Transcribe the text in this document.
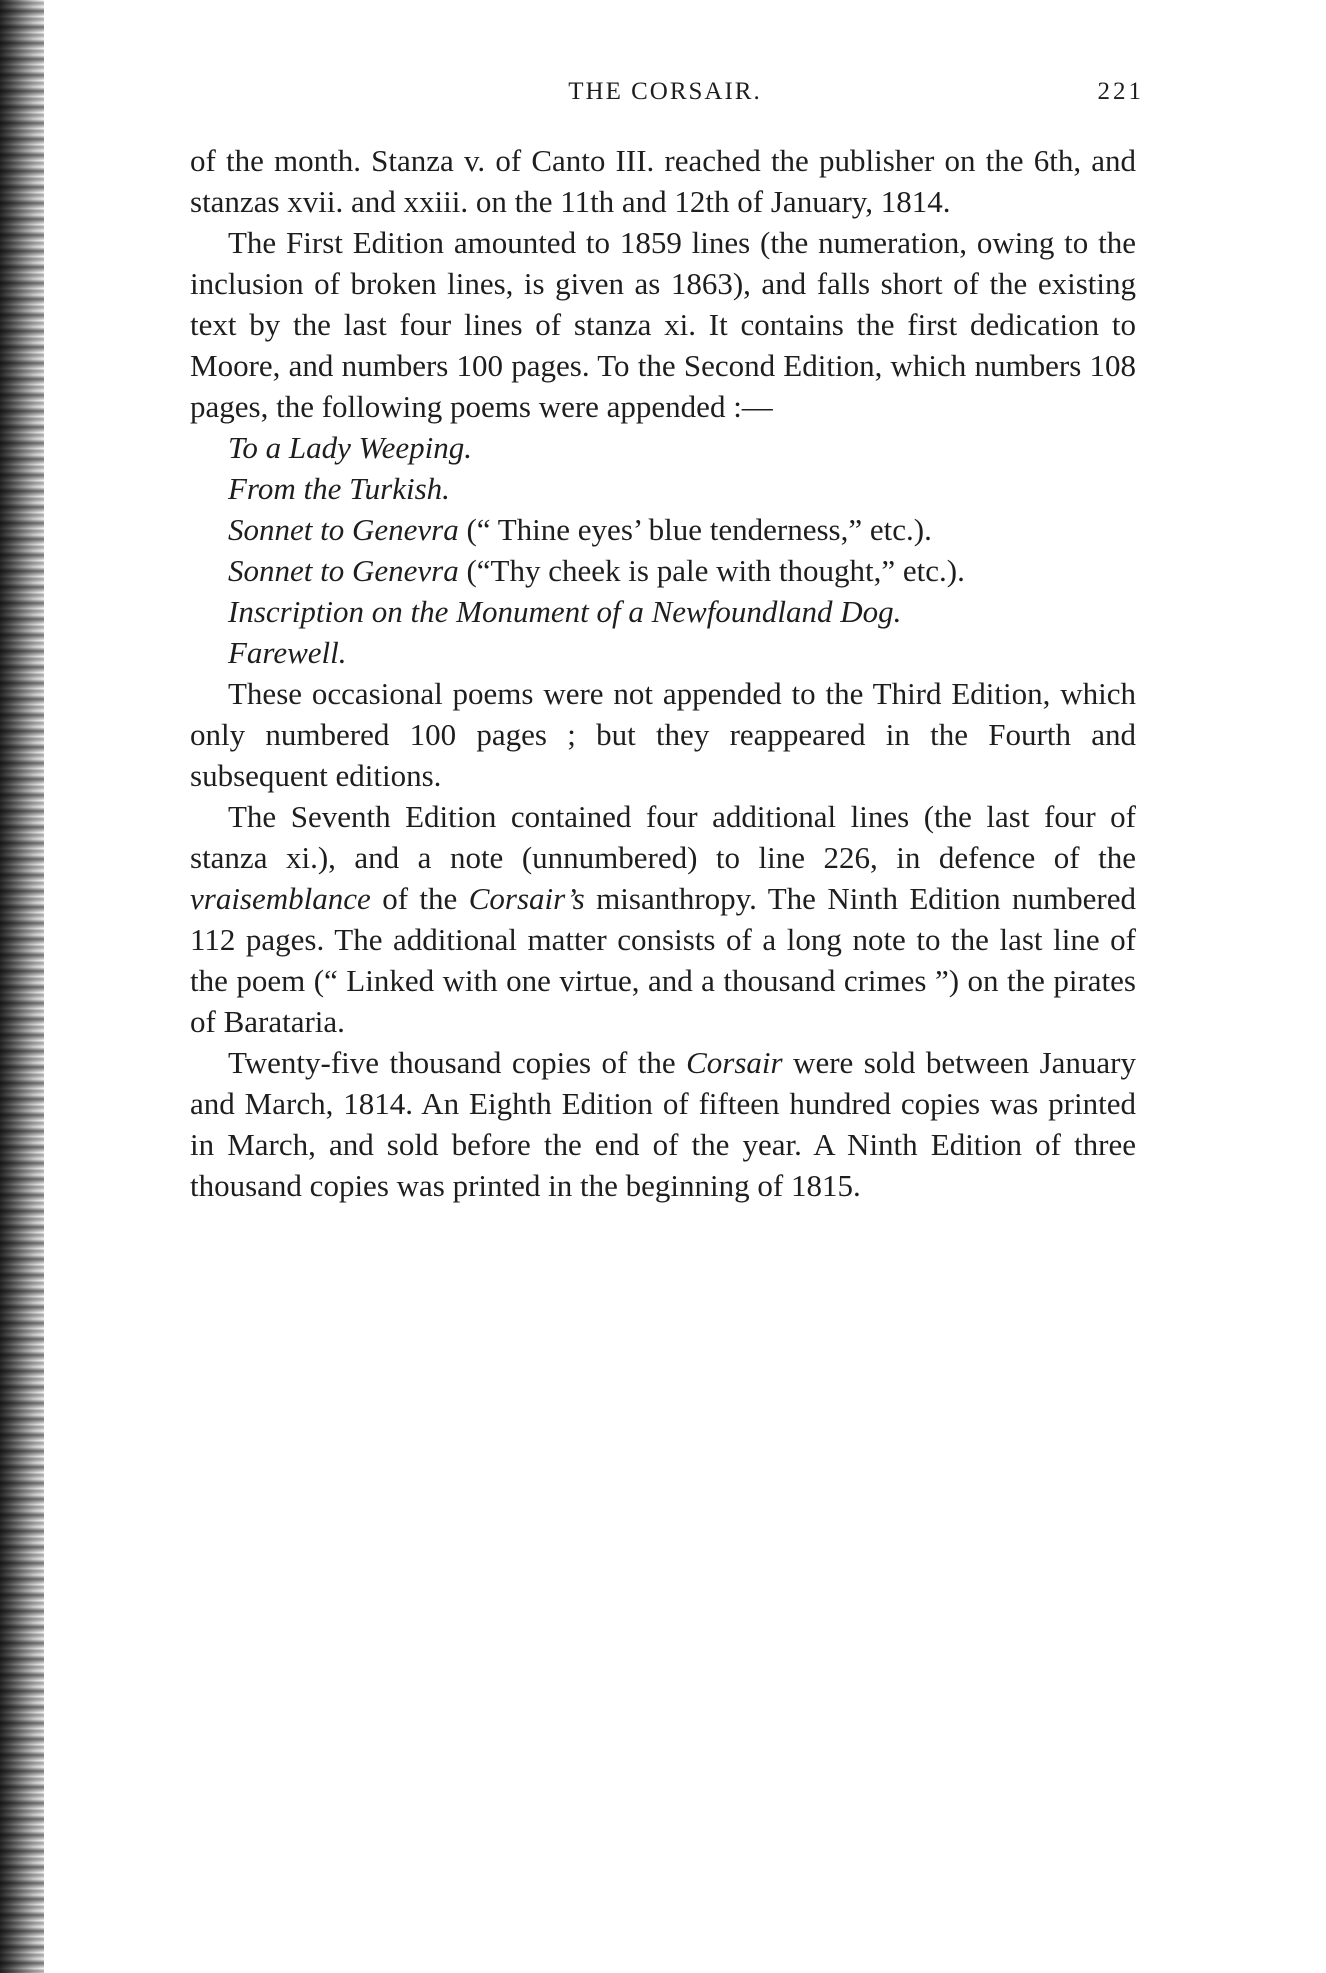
THE CORSAIR.	221

of the month. Stanza v. of Canto III. reached the publisher on the 6th, and stanzas xvii. and xxiii. on the 11th and 12th of January, 1814.

The First Edition amounted to 1859 lines (the numeration, owing to the inclusion of broken lines, is given as 1863), and falls short of the existing text by the last four lines of stanza xi. It contains the first dedication to Moore, and numbers 100 pages. To the Second Edition, which numbers 108 pages, the following poems were appended :—

To a Lady Weeping.

From the Turkish.

Sonnet to Genevra (“ Thine eyes’ blue tenderness,” etc.).

Sonnet to Genevra (“Thy cheek is pale with thought,” etc.).

Inscription on the Monument of a Newfoundland Dog.

Farewell.

These occasional poems were not appended to the Third Edition, which only numbered 100 pages ; but they reappeared in the Fourth and subsequent editions.

The Seventh Edition contained four additional lines (the last four of stanza xi.), and a note (unnumbered) to line 226, in defence of the vraisemblance of the Corsair’s misanthropy. The Ninth Edition numbered 112 pages. The additional matter consists of a long note to the last line of the poem (“ Linked with one virtue, and a thousand crimes ”) on the pirates of Barataria.

Twenty-five thousand copies of the Corsair were sold between January and March, 1814. An Eighth Edition of fifteen hundred copies was printed in March, and sold before the end of the year. A Ninth Edition of three thousand copies was printed in the beginning of 1815.
